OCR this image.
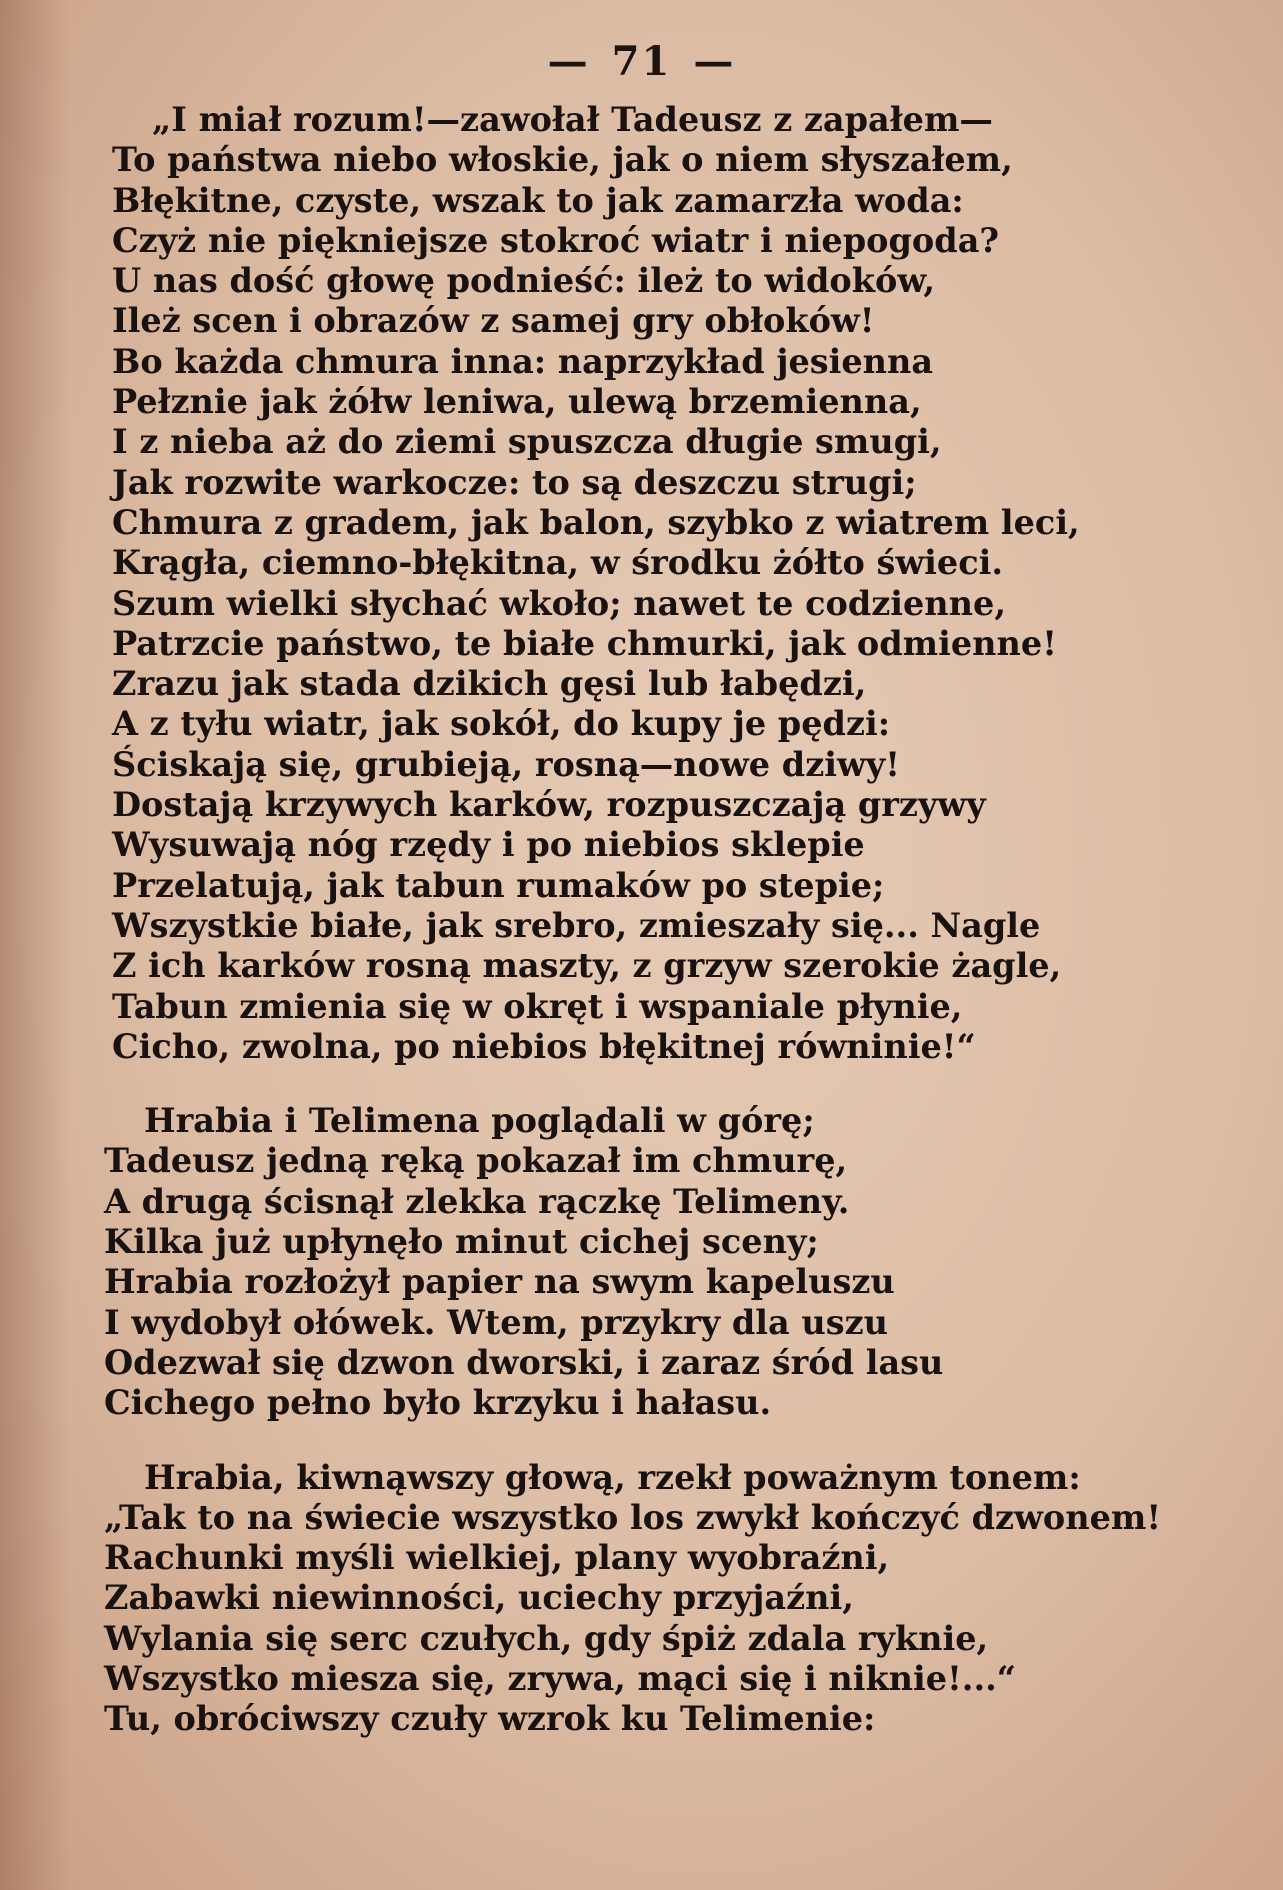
— 71 —
„I miał rozum!—zawołał Tadeusz z zapałem—
To państwa niebo włoskie, jak o niem słyszałem,
Błękitne, czyste, wszak to jak zamarzła woda:
Czyż nie piękniejsze stokroć wiatr i niepogoda?
U nas dość głowę podnieść: ileż to widoków,
Ileż scen i obrazów z samej gry obłoków!
Bo każda chmura inna: naprzykład jesienna
Pełznie jak żółw leniwa, ulewą brzemienna,
I z nieba aż do ziemi spuszcza długie smugi,
Jak rozwite warkocze: to są deszczu strugi;
Chmura z gradem, jak balon, szybko z wiatrem leci,
Krągła, ciemno-błękitna, w środku żółto świeci.
Szum wielki słychać wkoło; nawet te codzienne,
Patrzcie państwo, te białe chmurki, jak odmienne!
Zrazu jak stada dzikich gęsi lub łabędzi,
A z tyłu wiatr, jak sokół, do kupy je pędzi:
Ściskają się, grubieją, rosną—nowe dziwy!
Dostają krzywych karków, rozpuszczają grzywy
Wysuwają nóg rzędy i po niebios sklepie
Przelatują, jak tabun rumaków po stepie;
Wszystkie białe, jak srebro, zmieszały się... Nagle
Z ich karków rosną maszty, z grzyw szerokie żagle,
Tabun zmienia się w okręt i wspaniale płynie,
Cicho, zwolna, po niebios błękitnej równinie!“
Hrabia i Telimena poglądali w górę;
Tadeusz jedną ręką pokazał im chmurę,
A drugą ścisnął zlekka rączkę Telimeny.
Kilka już upłynęło minut cichej sceny;
Hrabia rozłożył papier na swym kapeluszu
I wydobył ołówek. Wtem, przykry dla uszu
Odezwał się dzwon dworski, i zaraz śród lasu
Cichego pełno było krzyku i hałasu.
Hrabia, kiwnąwszy głową, rzekł poważnym tonem:
„Tak to na świecie wszystko los zwykł kończyć dzwonem!
Rachunki myśli wielkiej, plany wyobraźni,
Zabawki niewinności, uciechy przyjaźni,
Wylania się serc czułych, gdy śpiż zdala ryknie,
Wszystko miesza się, zrywa, mąci się i niknie!...“
Tu, obróciwszy czuły wzrok ku Telimenie:
